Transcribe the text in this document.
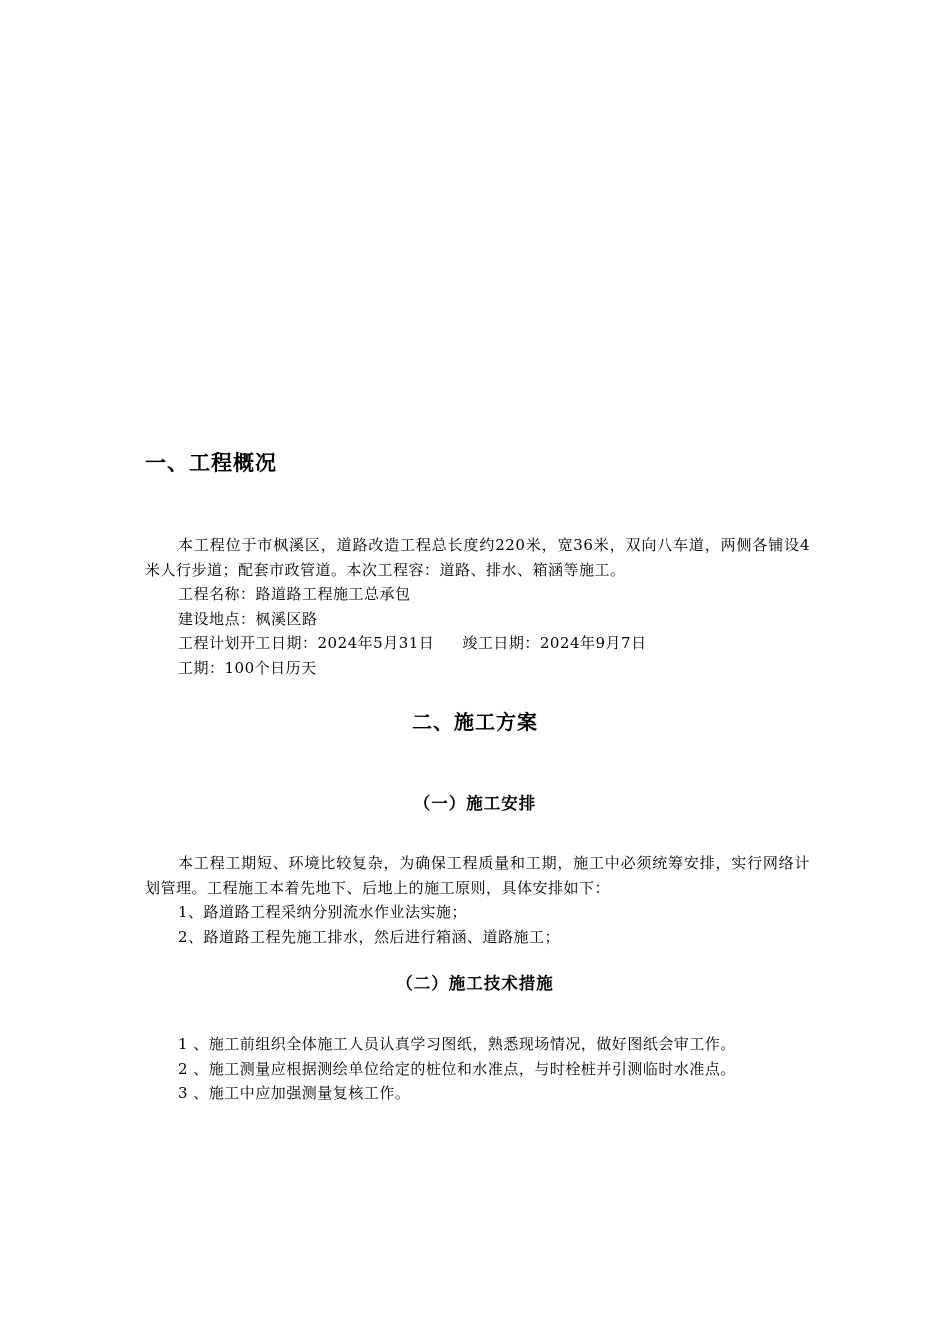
一、工程概况

本工程位于市枫溪区，道路改造工程总长度约220米，宽36米，双向八车道，两侧各铺设4米人行步道；配套市政管道。本次工程容：道路、排水、箱涵等施工。

工程名称：路道路工程施工总承包

建设地点：枫溪区路

工程计划开工日期：2024年5月31日 竣工日期：2024年9月7日

工期：100个日历天

二、施工方案
（一）施工安排

本工程工期短、环境比较复杂，为确保工程质量和工期，施工中必须统筹安排，实行网络计划管理。工程施工本着先地下、后地上的施工原则，具体安排如下：

1、路道路工程采纳分别流水作业法实施；

2、路道路工程先施工排水，然后进行箱涵、道路施工；

（二）施工技术措施

1 、施工前组织全体施工人员认真学习图纸，熟悉现场情况，做好图纸会审工作。

2 、施工测量应根据测绘单位给定的桩位和水准点，与时栓桩并引测临时水准点。

3 、施工中应加强测量复核工作。
